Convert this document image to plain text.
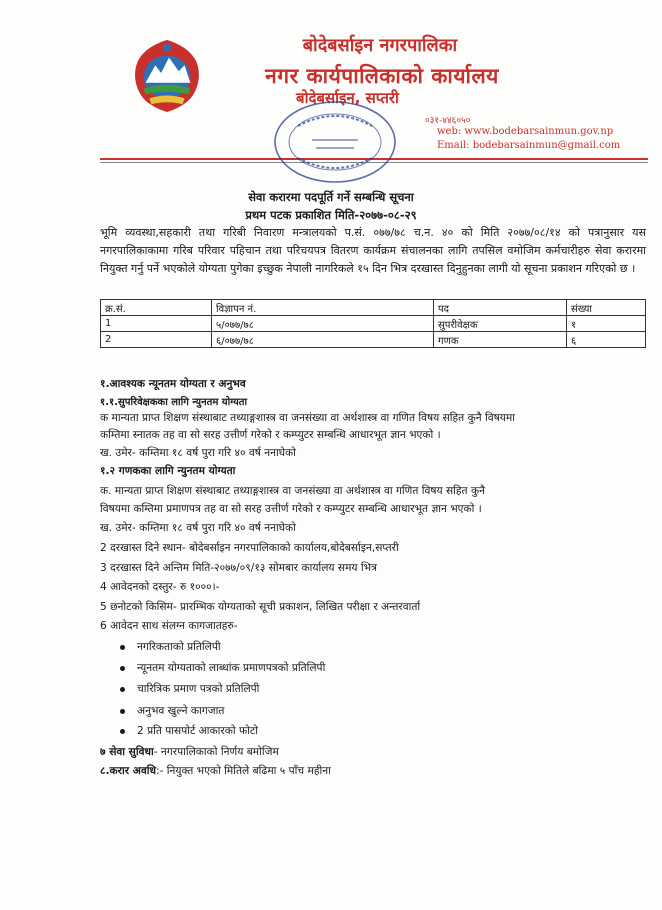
बोदेबर्साइन नगरपालिका
नगर कार्यपालिकाको कार्यालय
बोदेबर्साइन, सप्तरी
०३१-४४६०५०
web: www.bodebarsainmun.gov.np
Email: bodebarsainmun@gmail.com
सेवा करारमा पदपूर्ति गर्ने सम्बन्धि सूचना
प्रथम पटक प्रकाशित मिति-२०७७-०८-२९
भूमि व्यवस्था,सहकारी तथा गरिबी निवारण मन्त्रालयको प.सं. ०७७/७८ च.न. ४० को मिति २०७७/०८/१४ को पत्रानुसार यस नगरपालिकाकामा गरिब परिवार पहिचान तथा परिचयपत्र वितरण कार्यक्रम संचालनका लागि तपसिल वमोजिम कर्मचारीहरु सेवा करारमा नियुक्त गर्नु पर्ने भएकोले योग्यता पुगेका इच्छुक नेपाली नागरिकले १५ दिन भित्र दरखास्त दिनुहुनका लागी यो सूचना प्रकाशन गरिएको छ ।
क्र.सं.	विज्ञापन नं.	पद	संख्या
1	५/०७७/७८	सुपरीवेक्षक	१
2	६/०७७/७८	गणक	६
१.आवश्यक न्यूनतम योग्यता र अनुभव
१.१.सुपरिवेक्षकका लागि न्युनतम योग्यता
क मान्यता प्राप्त शिक्षण संस्थाबाट तथ्याङ्गशास्त्र वा जनसंख्या वा अर्थशास्त्र वा गणित विषय सहित कुनै विषयमा
कम्तिमा स्नातक तह वा सो सरह उत्तीर्ण गरेको र कम्प्युटर सम्बन्धि आधारभूत ज्ञान भएको ।
ख. उमेर- कम्तिमा १८ वर्ष पुरा गरि ४० वर्ष ननाघेको
१.२ गणकका लागि न्युनतम योग्यता
क. मान्यता प्राप्त शिक्षण संस्थाबाट तथ्याङ्गशास्त्र वा जनसंख्या वा अर्थशास्त्र वा गणित विषय सहित कुनै
विषयमा कम्तिमा प्रमाणपत्र तह वा सो सरह उत्तीर्ण गरेको र कम्प्युटर सम्बन्धि आधारभूत ज्ञान भएको ।
ख. उमेर- कम्तिमा १८ वर्ष पुरा गरि ४० वर्ष ननाघेको
2 दरखास्त दिने स्थान- बोदेबर्साइन नगरपालिकाको कार्यालय,बोदेबर्साइन,सप्तरी
3 दरखास्त दिने अन्तिम मिति-२०७७/०९/१३ सोमबार कार्यालय समय भित्र
4 आवेदनको दस्तुर- रु १०००।-
5 छनोटको किसिम- प्रारम्भिक योग्यताको सूची प्रकाशन, लिखित परीक्षा र अन्तरवार्ता
6 आवेदन साथ संलग्न कागजातहरु-
नगरिकताको प्रतिलिपी
न्यूनतम योग्यताको लाब्धांक प्रमाणपत्रको प्रतिलिपी
चारित्रिक प्रमाण पत्रको प्रतिलिपी
अनुभव खुल्ने कागजात
2 प्रति पासपोर्ट आकारको फोटो
७ सेवा सुविधा- नगरपालिकाको निर्णय बमोजिम
८.करार अवधि:- नियुक्त भएको मितिले बढिमा ५ पाँच महीना
